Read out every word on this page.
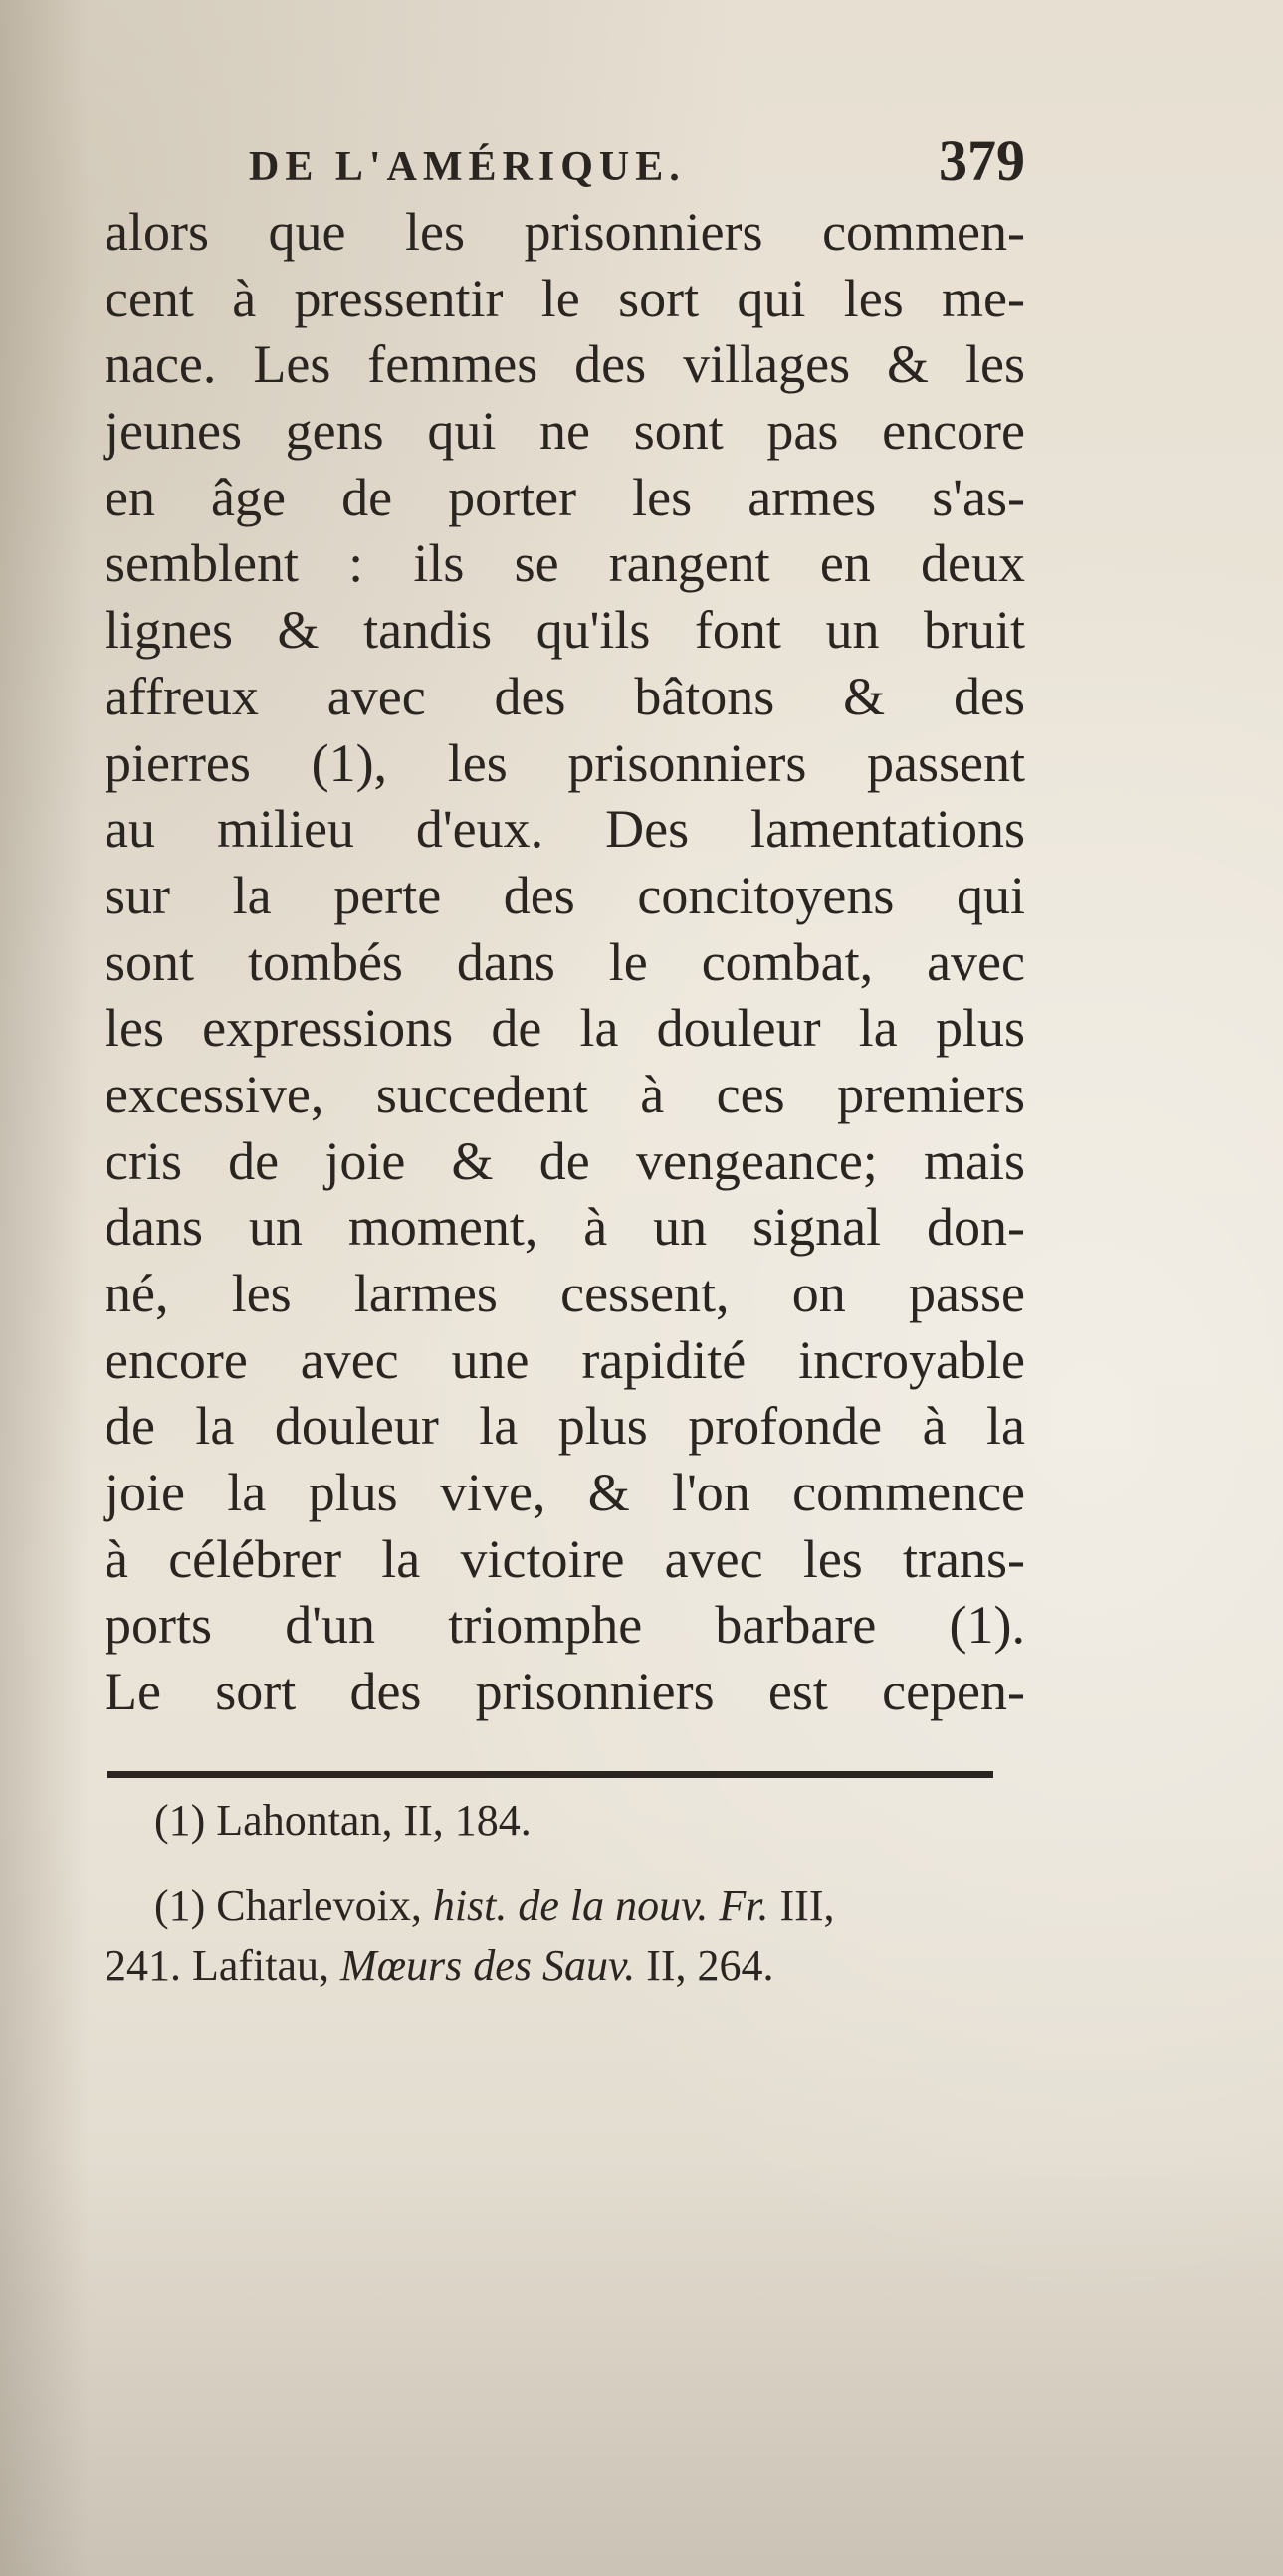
DE L'AMÉRIQUE.	379
alors que les prisonniers commen-
cent à pressentir le sort qui les me-
nace. Les femmes des villages & les
jeunes gens qui ne sont pas encore
en âge de porter les armes s'as-
semblent : ils se rangent en deux
lignes & tandis qu'ils font un bruit
affreux avec des bâtons & des
pierres (1), les prisonniers passent
au milieu d'eux. Des lamentations
sur la perte des concitoyens qui
sont tombés dans le combat, avec
les expressions de la douleur la plus
excessive, succedent à ces premiers
cris de joie & de vengeance; mais
dans un moment, à un signal don-
né, les larmes cessent, on passe
encore avec une rapidité incroyable
de la douleur la plus profonde à la
joie la plus vive, & l'on commence
à célébrer la victoire avec les trans-
ports d'un triomphe barbare (1).
Le sort des prisonniers est cepen-
(1) Lahontan, II, 184.
(1) Charlevoix, hist. de la nouv. Fr. III,
241. Lafitau, Mœurs des Sauv. II, 264.
